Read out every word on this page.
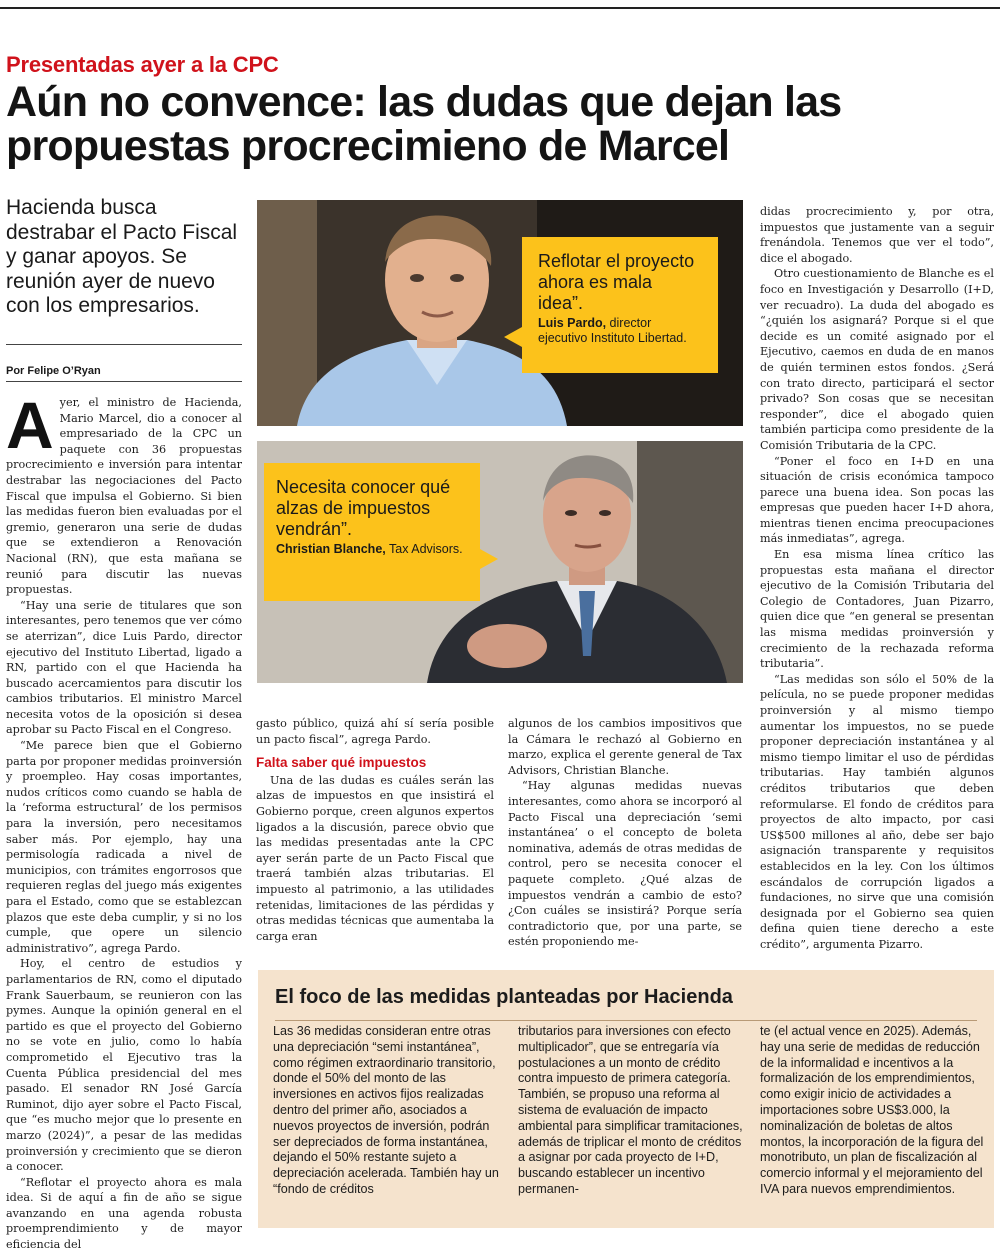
Presentadas ayer a la CPC
Aún no convence: las dudas que dejan las propuestas procrecimieno de Marcel
Hacienda busca destrabar el Pacto Fiscal y ganar apoyos. Se reunión ayer de nuevo con los empresarios.
Por Felipe O’Ryan

Ayer, el ministro de Hacienda, Mario Marcel, dio a conocer al empresariado de la CPC un paquete con 36 propuestas procrecimiento e inversión para intentar destrabar las negociaciones del Pacto Fiscal que impulsa el Gobierno. Si bien las medidas fueron bien evaluadas por el gremio, generaron una serie de dudas que se extendieron a Renovación Nacional (RN), que esta mañana se reunió para discutir las nuevas propuestas.

“Hay una serie de titulares que son interesantes, pero tenemos que ver cómo se aterrizan”, dice Luis Pardo, director ejecutivo del Instituto Libertad, ligado a RN, partido con el que Hacienda ha buscado acercamientos para discutir los cambios tributarios. El ministro Marcel necesita votos de la oposición si desea aprobar su Pacto Fiscal en el Congreso.

“Me parece bien que el Gobierno parta por proponer medidas proinversión y proempleo. Hay cosas importantes, nudos críticos como cuando se habla de la ‘reforma estructural’ de los permisos para la inversión, pero necesitamos saber más. Por ejemplo, hay una permisología radicada a nivel de municipios, con trámites engorrosos que requieren reglas del juego más exigentes para el Estado, como que se establezcan plazos que este deba cumplir, y si no los cumple, que opere un silencio administrativo”, agrega Pardo.

Hoy, el centro de estudios y parlamentarios de RN, como el diputado Frank Sauerbaum, se reunieron con las pymes. Aunque la opinión general en el partido es que el proyecto del Gobierno no se vote en julio, como lo había comprometido el Ejecutivo tras la Cuenta Pública presidencial del mes pasado. El senador RN José García Ruminot, dijo ayer sobre el Pacto Fiscal, que “es mucho mejor que lo presente en marzo (2024)”, a pesar de las medidas proinversión y crecimiento que se dieron a conocer.

“Reflotar el proyecto ahora es mala idea. Si de aquí a fin de año se sigue avanzando en una agenda robusta proemprendimiento y de mayor eficiencia del

Reflotar el proyecto ahora es mala idea”.
Luis Pardo, director ejecutivo Instituto Libertad.
Necesita conocer qué alzas de impuestos vendrán”.
Christian Blanche, Tax Advisors.

gasto público, quizá ahí sí sería posible un pacto fiscal”, agrega Pardo.

Falta saber qué impuestos

Una de las dudas es cuáles serán las alzas de impuestos en que insistirá el Gobierno porque, creen algunos expertos ligados a la discusión, parece obvio que las medidas presentadas ante la CPC ayer serán parte de un Pacto Fiscal que traerá también alzas tributarias. El impuesto al patrimonio, a las utilidades retenidas, limitaciones de las pérdidas y otras medidas técnicas que aumentaba la carga eran

algunos de los cambios impositivos que la Cámara le rechazó al Gobierno en marzo, explica el gerente general de Tax Advisors, Christian Blanche.

“Hay algunas medidas nuevas interesantes, como ahora se incorporó al Pacto Fiscal una depreciación ‘semi instantánea’ o el concepto de boleta nominativa, además de otras medidas de control, pero se necesita conocer el paquete completo. ¿Qué alzas de impuestos vendrán a cambio de esto? ¿Con cuáles se insistirá? Porque sería contradictorio que, por una parte, se estén proponiendo me-

didas procrecimiento y, por otra, impuestos que justamente van a seguir frenándola. Tenemos que ver el todo”, dice el abogado.

Otro cuestionamiento de Blanche es el foco en Investigación y Desarrollo (I+D, ver recuadro). La duda del abogado es “¿quién los asignará? Porque si el que decide es un comité asignado por el Ejecutivo, caemos en duda de en manos de quién terminen estos fondos. ¿Será con trato directo, participará el sector privado? Son cosas que se necesitan responder”, dice el abogado quien también participa como presidente de la Comisión Tributaria de la CPC.

“Poner el foco en I+D en una situación de crisis económica tampoco parece una buena idea. Son pocas las empresas que pueden hacer I+D ahora, mientras tienen encima preocupaciones más inmediatas”, agrega.

En esa misma línea crítico las propuestas esta mañana el director ejecutivo de la Comisión Tributaria del Colegio de Contadores, Juan Pizarro, quien dice que “en general se presentan las misma medidas proinversión y crecimiento de la rechazada reforma tributaria”.

“Las medidas son sólo el 50% de la película, no se puede proponer medidas proinversión y al mismo tiempo aumentar los impuestos, no se puede proponer depreciación instantánea y al mismo tiempo limitar el uso de pérdidas tributarias. Hay también algunos créditos tributarios que deben reformularse. El fondo de créditos para proyectos de alto impacto, por casi US$500 millones al año, debe ser bajo asignación transparente y requisitos establecidos en la ley. Con los últimos escándalos de corrupción ligados a fundaciones, no sirve que una comisión designada por el Gobierno sea quien defina quien tiene derecho a este crédito”, argumenta Pizarro.

El foco de las medidas planteadas por Hacienda
Las 36 medidas consideran entre otras una depreciación “semi instantánea”, como régimen extraordinario transitorio, donde el 50% del monto de las inversiones en activos fijos realizadas dentro del primer año, asociados a nuevos proyectos de inversión, podrán ser depreciados de forma instantánea, dejando el 50% restante sujeto a depreciación acelerada. También hay un “fondo de créditos
tributarios para inversiones con efecto multiplicador”, que se entregaría vía postulaciones a un monto de crédito contra impuesto de primera categoría. También, se propuso una reforma al sistema de evaluación de impacto ambiental para simplificar tramitaciones, además de triplicar el monto de créditos a asignar por cada proyecto de I+D, buscando establecer un incentivo permanen-
te (el actual vence en 2025). Además, hay una serie de medidas de reducción de la informalidad e incentivos a la formalización de los emprendimientos, como exigir inicio de actividades a importaciones sobre US$3.000, la nominalización de boletas de altos montos, la incorporación de la figura del monotributo, un plan de fiscalización al comercio informal y el mejoramiento del IVA para nuevos emprendimientos.
